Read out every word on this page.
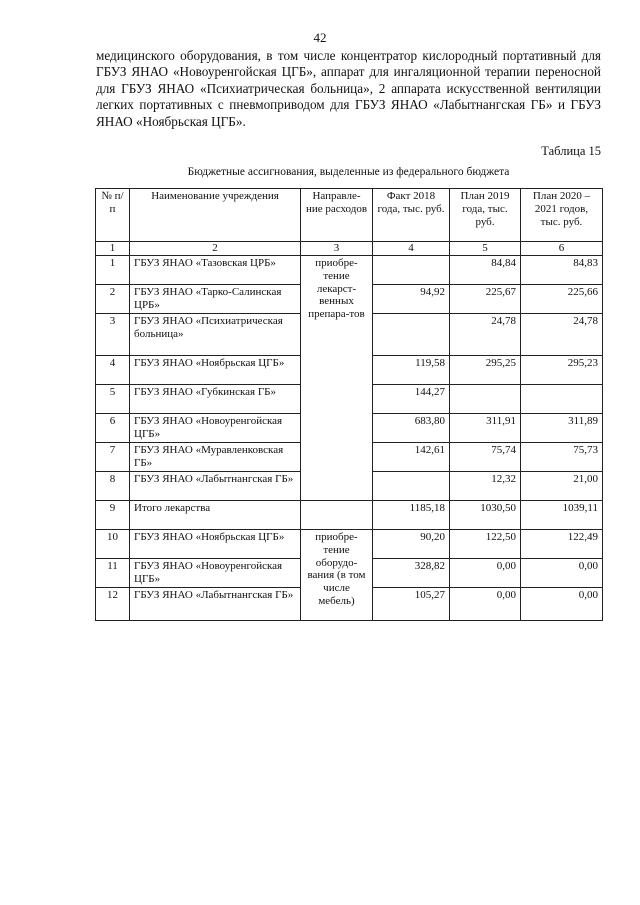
42
медицинского оборудования, в том числе концентратор кислородный портативный для ГБУЗ ЯНАО «Новоуренгойская ЦГБ», аппарат для ингаляционной терапии переносной для ГБУЗ ЯНАО «Психиатрическая больница», 2 аппарата искусственной вентиляции легких портативных с пневмоприводом для ГБУЗ ЯНАО «Лабытнангская ГБ» и ГБУЗ ЯНАО «Ноябрьская ЦГБ».
Таблица 15
Бюджетные ассигнования, выделенные из федерального бюджета
№ п/п	Наименование учреждения	Направле-ние расходов	Факт 2018 года, тыс. руб.	План 2019 года, тыс. руб.	План 2020 – 2021 годов, тыс. руб.
1	2	3	4	5	6
1	ГБУЗ ЯНАО «Тазовская ЦРБ»	приобре-тение лекарст-венных препара-тов		84,84	84,83
2	ГБУЗ ЯНАО «Тарко-Салинская ЦРБ»		94,92	225,67	225,66
3	ГБУЗ ЯНАО «Психиатрическая больница»			24,78	24,78
4	ГБУЗ ЯНАО «Ноябрьская ЦГБ»		119,58	295,25	295,23
5	ГБУЗ ЯНАО «Губкинская ГБ»		144,27		
6	ГБУЗ ЯНАО «Новоуренгойская ЦГБ»		683,80	311,91	311,89
7	ГБУЗ ЯНАО «Муравленковская ГБ»		142,61	75,74	75,73
8	ГБУЗ ЯНАО «Лабытнангская ГБ»			12,32	21,00
9	Итого лекарства		1185,18	1030,50	1039,11
10	ГБУЗ ЯНАО «Ноябрьская ЦГБ»	приобре-тение оборудо-вания (в том числе мебель)	90,20	122,50	122,49
11	ГБУЗ ЯНАО «Новоуренгойская ЦГБ»		328,82	0,00	0,00
12	ГБУЗ ЯНАО «Лабытнангская ГБ»		105,27	0,00	0,00
